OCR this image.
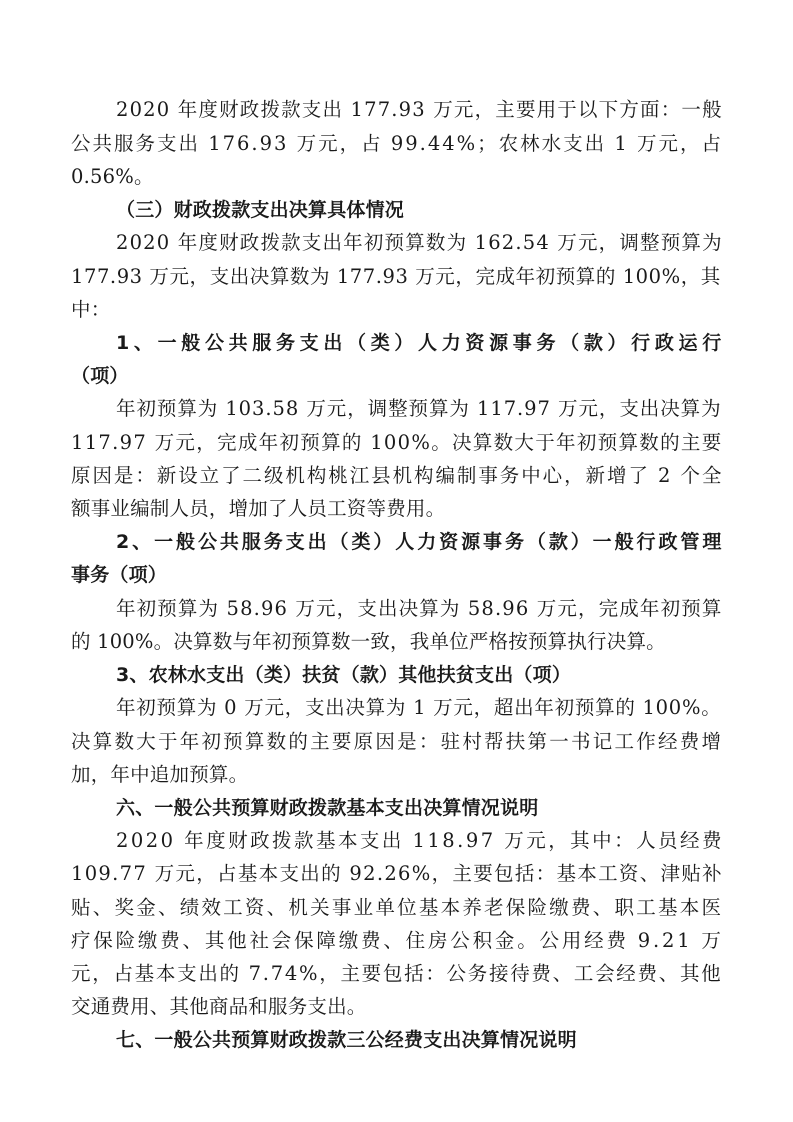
2020 年度财政拨款支出 177.93 万元，主要用于以下方面：一般
公共服务支出 176.93 万元，占 99.44%；农林水支出 1 万元，占
0.56%。
（三）财政拨款支出决算具体情况
2020 年度财政拨款支出年初预算数为 162.54 万元，调整预算为
177.93 万元，支出决算数为 177.93 万元，完成年初预算的 100%，其
中：
1、一般公共服务支出（类）人力资源事务（款）行政运行
（项）
年初预算为 103.58 万元，调整预算为 117.97 万元，支出决算为
117.97 万元，完成年初预算的 100%。决算数大于年初预算数的主要
原因是：新设立了二级机构桃江县机构编制事务中心，新增了 2 个全
额事业编制人员，增加了人员工资等费用。
2、一般公共服务支出（类）人力资源事务（款）一般行政管理
事务（项）
年初预算为 58.96 万元，支出决算为 58.96 万元，完成年初预算
的 100%。决算数与年初预算数一致，我单位严格按预算执行决算。
3、农林水支出（类）扶贫（款）其他扶贫支出（项）
年初预算为 0 万元，支出决算为 1 万元，超出年初预算的 100%。
决算数大于年初预算数的主要原因是：驻村帮扶第一书记工作经费增
加，年中追加预算。
六、一般公共预算财政拨款基本支出决算情况说明
2020 年度财政拨款基本支出 118.97 万元，其中：人员经费
109.77 万元，占基本支出的 92.26%，主要包括：基本工资、津贴补
贴、奖金、绩效工资、机关事业单位基本养老保险缴费、职工基本医
疗保险缴费、其他社会保障缴费、住房公积金。公用经费 9.21 万
元，占基本支出的 7.74%，主要包括：公务接待费、工会经费、其他
交通费用、其他商品和服务支出。
七、一般公共预算财政拨款三公经费支出决算情况说明
